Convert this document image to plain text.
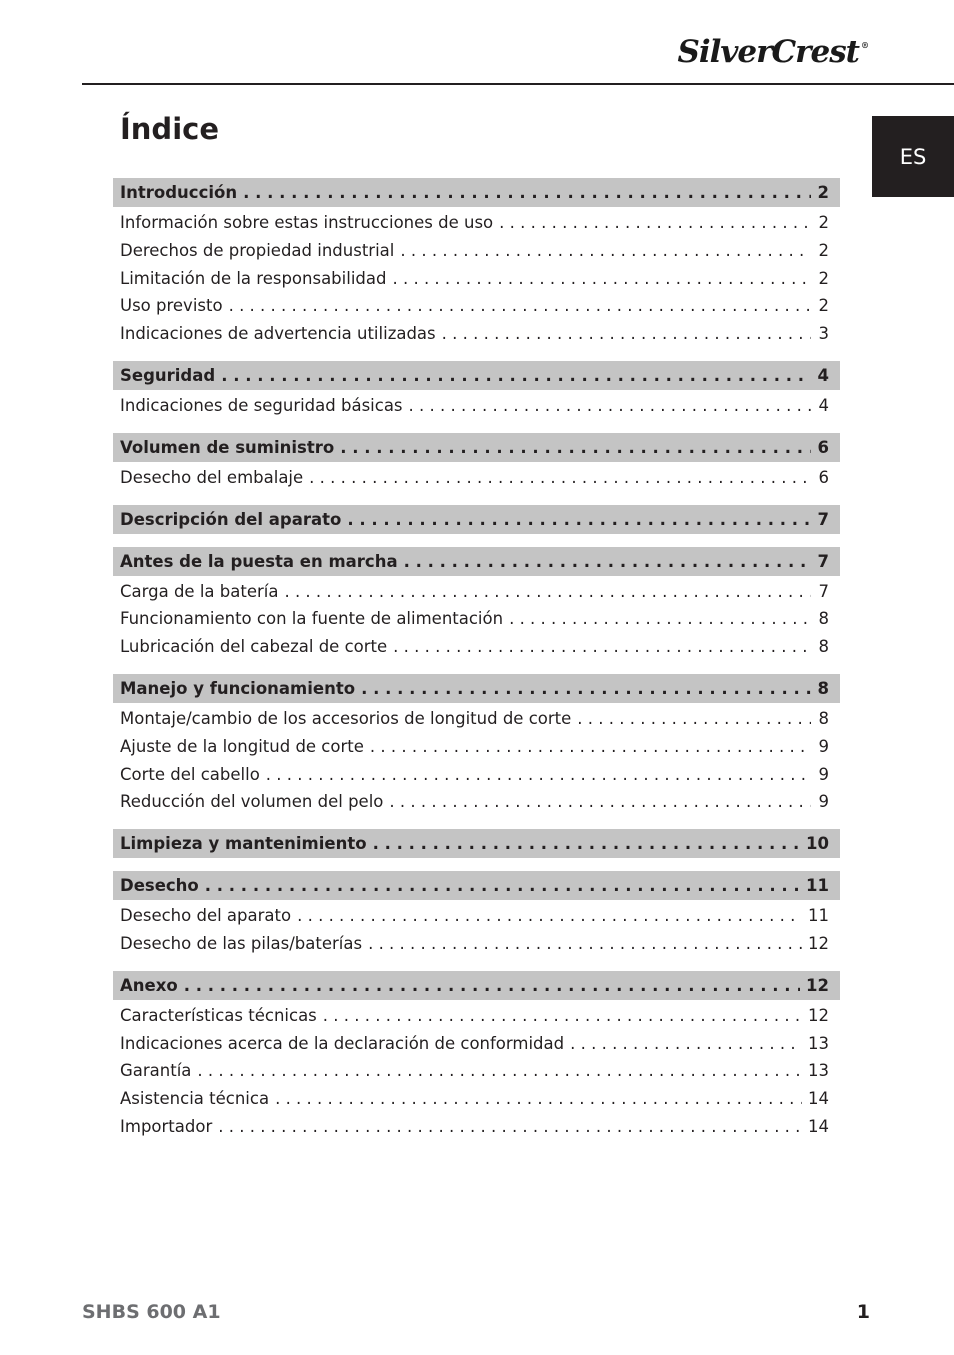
SilverCrest ®
Índice
ES
Introducción . . .	2
Información sobre estas instrucciones de uso . . .	2
Derechos de propiedad industrial . . .	2
Limitación de la responsabilidad . . .	2
Uso previsto . . .	2
Indicaciones de advertencia utilizadas . . .	3
Seguridad . . .	4
Indicaciones de seguridad básicas . . .	4
Volumen de suministro . . .	6
Desecho del embalaje . . .	6
Descripción del aparato . . .	7
Antes de la puesta en marcha . . .	7
Carga de la batería . . .	7
Funcionamiento con la fuente de alimentación . . .	8
Lubricación del cabezal de corte . . .	8
Manejo y funcionamiento . . .	8
Montaje/cambio de los accesorios de longitud de corte . . .	8
Ajuste de la longitud de corte . . .	9
Corte del cabello . . .	9
Reducción del volumen del pelo . . .	9
Limpieza y mantenimiento . . .	10
Desecho . . .	11
Desecho del aparato . . .	11
Desecho de las pilas/baterías . . .	12
Anexo . . .	12
Características técnicas . . .	12
Indicaciones acerca de la declaración de conformidad . . .	13
Garantía . . .	13
Asistencia técnica . . .	14
Importador . . .	14
SHBS 600 A1	1
